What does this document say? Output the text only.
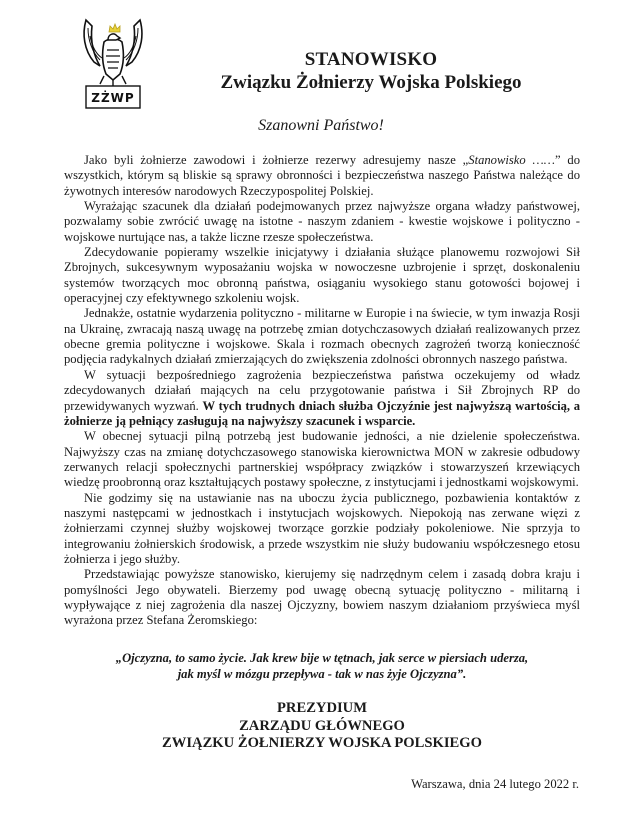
ZŻWP
STANOWISKO
Związku Żołnierzy Wojska Polskiego
Szanowni Państwo!

Jako byli żołnierze zawodowi i żołnierze rezerwy adresujemy nasze „Stanowisko ……” do wszystkich, którym są bliskie są sprawy obronności i bezpieczeństwa naszego Państwa należące do żywotnych interesów narodowych Rzeczypospolitej Polskiej.

Wyrażając szacunek dla działań podejmowanych przez najwyższe organa władzy państwowej, pozwalamy sobie zwrócić uwagę na istotne - naszym zdaniem - kwestie wojskowe i polityczno - wojskowe nurtujące nas, a także liczne rzesze społeczeństwa.

Zdecydowanie popieramy wszelkie inicjatywy i działania służące planowemu rozwojowi Sił Zbrojnych, sukcesywnym wyposażaniu wojska w nowoczesne uzbrojenie i sprzęt, doskonaleniu systemów tworzących moc obronną państwa, osiąganiu wysokiego stanu gotowości bojowej i operacyjnej czy efektywnego szkoleniu wojsk.

Jednakże, ostatnie wydarzenia polityczno - militarne w Europie i na świecie, w tym inwazja Rosji na Ukrainę, zwracają naszą uwagę na potrzebę zmian dotychczasowych działań realizowanych przez obecne gremia polityczne i wojskowe. Skala i rozmach obecnych zagrożeń tworzą konieczność podjęcia radykalnych działań zmierzających do zwiększenia zdolności obronnych naszego państwa.

W sytuacji bezpośredniego zagrożenia bezpieczeństwa państwa oczekujemy od władz zdecydowanych działań mających na celu przygotowanie państwa i Sił Zbrojnych RP do przewidywanych wyzwań. W tych trudnych dniach służba Ojczyźnie jest najwyższą wartością, a żołnierze ją pełniący zasługują na najwyższy szacunek i wsparcie.

W obecnej sytuacji pilną potrzebą jest budowanie jedności, a nie dzielenie społeczeństwa. Najwyższy czas na zmianę dotychczasowego stanowiska kierownictwa MON w zakresie odbudowy zerwanych relacji społecznychi partnerskiej współpracy związków i stowarzyszeń krzewiących wiedzę proobronną oraz kształtujących postawy społeczne, z instytucjami i jednostkami wojskowymi.

Nie godzimy się na ustawianie nas na uboczu życia publicznego, pozbawienia kontaktów z naszymi następcami w jednostkach i instytucjach wojskowych. Niepokoją nas zerwane więzi z żołnierzami czynnej służby wojskowej tworzące gorzkie podziały pokoleniowe. Nie sprzyja to integrowaniu żołnierskich środowisk, a przede wszystkim nie służy budowaniu współczesnego etosu żołnierza i jego służby.

Przedstawiając powyższe stanowisko, kierujemy się nadrzędnym celem i zasadą dobra kraju i pomyślności Jego obywateli. Bierzemy pod uwagę obecną sytuację polityczno - militarną i wypływające z niej zagrożenia dla naszej Ojczyzny, bowiem naszym działaniom przyświeca myśl wyrażona przez Stefana Żeromskiego:

„Ojczyzna, to samo życie. Jak krew bije w tętnach, jak serce w piersiach uderza,
jak myśl w mózgu przepływa - tak w nas żyje Ojczyzna”.
PREZYDIUM
ZARZĄDU GŁÓWNEGO
ZWIĄZKU ŻOŁNIERZY WOJSKA POLSKIEGO
Warszawa, dnia 24 lutego 2022 r.
